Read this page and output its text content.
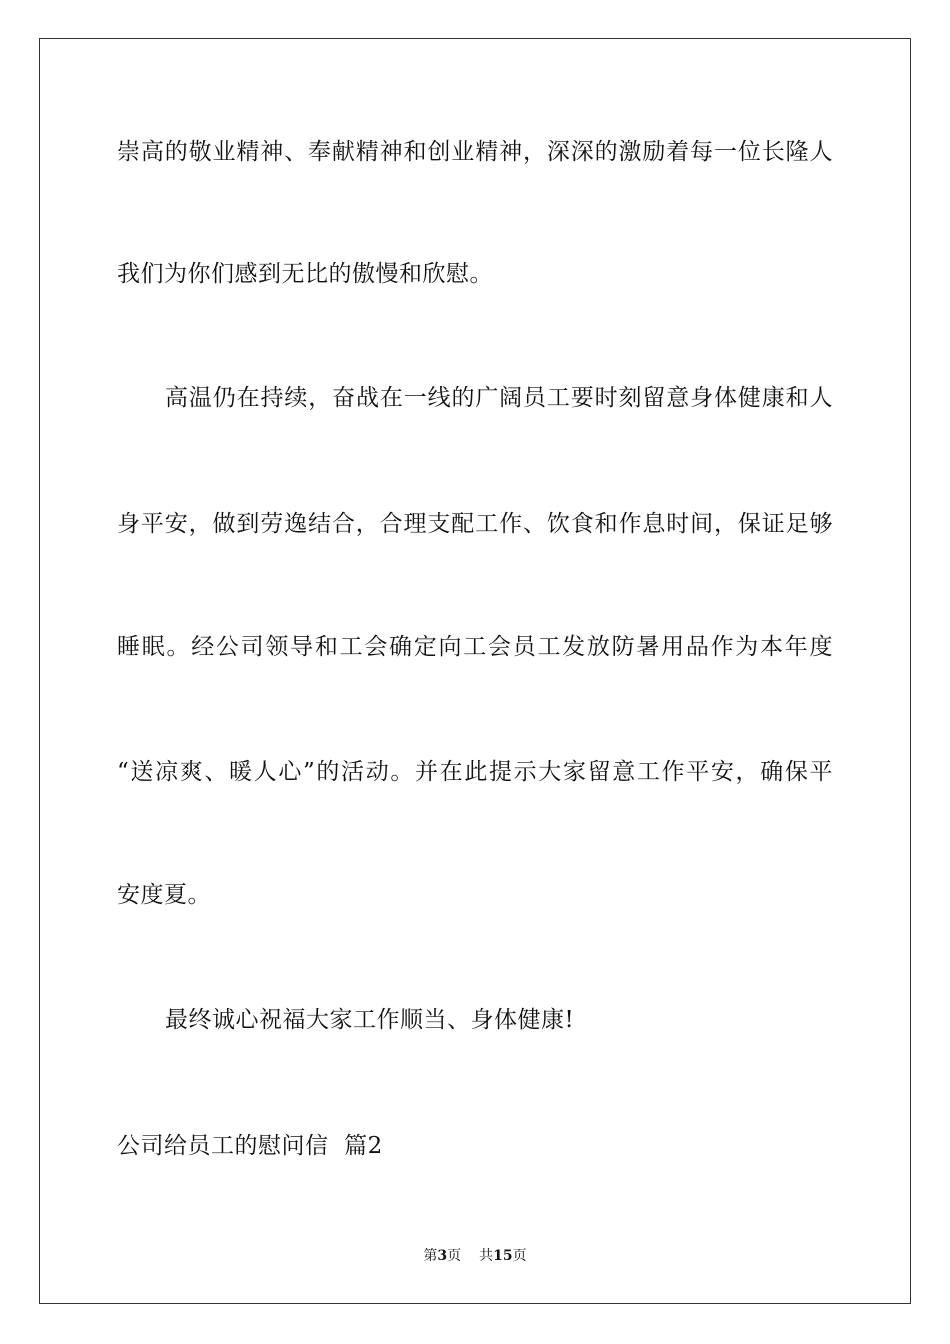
崇高的敬业精神、奉献精神和创业精神，深深的激励着每一位长隆人
我们为你们感到无比的傲慢和欣慰。
高温仍在持续，奋战在一线的广阔员工要时刻留意身体健康和人
身平安，做到劳逸结合，合理支配工作、饮食和作息时间，保证足够
睡眠。经公司领导和工会确定向工会员工发放防暑用品作为本年度
“送凉爽、暖人心”的活动。并在此提示大家留意工作平安，确保平
安度夏。
最终诚心祝福大家工作顺当、身体健康!
公司给员工的慰问信  篇2
第3页 共15页
